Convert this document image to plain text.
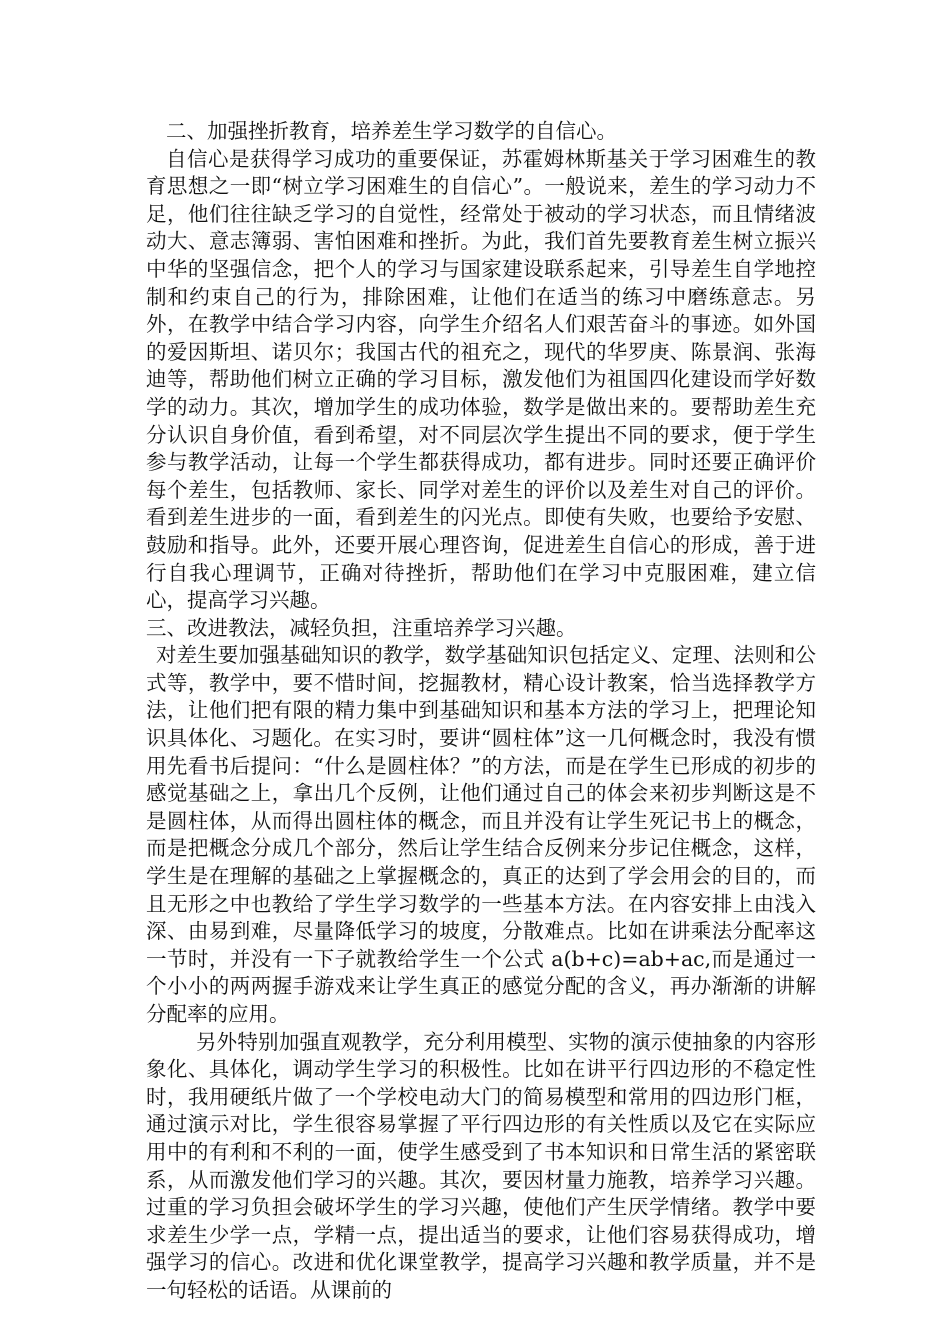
二、加强挫折教育，培养差生学习数学的自信心。

自信心是获得学习成功的重要保证，苏霍姆林斯基关于学习困难生的教育思想之一即“树立学习困难生的自信心”。一般说来，差生的学习动力不足，他们往往缺乏学习的自觉性，经常处于被动的学习状态，而且情绪波动大、意志簿弱、害怕困难和挫折。为此，我们首先要教育差生树立振兴中华的坚强信念，把个人的学习与国家建设联系起来，引导差生自学地控制和约束自己的行为，排除困难，让他们在适当的练习中磨练意志。另外，在教学中结合学习内容，向学生介绍名人们艰苦奋斗的事迹。如外国的爱因斯坦、诺贝尔；我国古代的祖充之，现代的华罗庚、陈景润、张海迪等，帮助他们树立正确的学习目标，激发他们为祖国四化建设而学好数学的动力。其次，增加学生的成功体验，数学是做出来的。要帮助差生充分认识自身价值，看到希望，对不同层次学生提出不同的要求，便于学生参与教学活动，让每一个学生都获得成功，都有进步。同时还要正确评价每个差生，包括教师、家长、同学对差生的评价以及差生对自己的评价。看到差生进步的一面，看到差生的闪光点。即使有失败，也要给予安慰、鼓励和指导。此外，还要开展心理咨询，促进差生自信心的形成，善于进行自我心理调节，正确对待挫折，帮助他们在学习中克服困难，建立信心，提高学习兴趣。

三、改进教法，减轻负担，注重培养学习兴趣。

对差生要加强基础知识的教学，数学基础知识包括定义、定理、法则和公式等，教学中，要不惜时间，挖掘教材，精心设计教案，恰当选择教学方法，让他们把有限的精力集中到基础知识和基本方法的学习上，把理论知识具体化、习题化。在实习时，要讲“圆柱体”这一几何概念时，我没有惯用先看书后提问：“什么是圆柱体？”的方法，而是在学生已形成的初步的感觉基础之上，拿出几个反例，让他们通过自己的体会来初步判断这是不是圆柱体，从而得出圆柱体的概念，而且并没有让学生死记书上的概念，而是把概念分成几个部分，然后让学生结合反例来分步记住概念，这样，学生是在理解的基础之上掌握概念的，真正的达到了学会用会的目的，而且无形之中也教给了学生学习数学的一些基本方法。在内容安排上由浅入深、由易到难，尽量降低学习的坡度，分散难点。比如在讲乘法分配率这一节时，并没有一下子就教给学生一个公式 a(b+c)=ab+ac,而是通过一个小小的两两握手游戏来让学生真正的感觉分配的含义，再办渐渐的讲解分配率的应用。

另外特别加强直观教学，充分利用模型、实物的演示使抽象的内容形象化、具体化，调动学生学习的积极性。比如在讲平行四边形的不稳定性时，我用硬纸片做了一个学校电动大门的简易模型和常用的四边形门框，通过演示对比，学生很容易掌握了平行四边形的有关性质以及它在实际应用中的有利和不利的一面，使学生感受到了书本知识和日常生活的紧密联系，从而激发他们学习的兴趣。其次，要因材量力施教，培养学习兴趣。过重的学习负担会破坏学生的学习兴趣，使他们产生厌学情绪。教学中要求差生少学一点，学精一点，提出适当的要求，让他们容易获得成功，增强学习的信心。改进和优化课堂教学，提高学习兴趣和教学质量，并不是一句轻松的话语。从课前的
